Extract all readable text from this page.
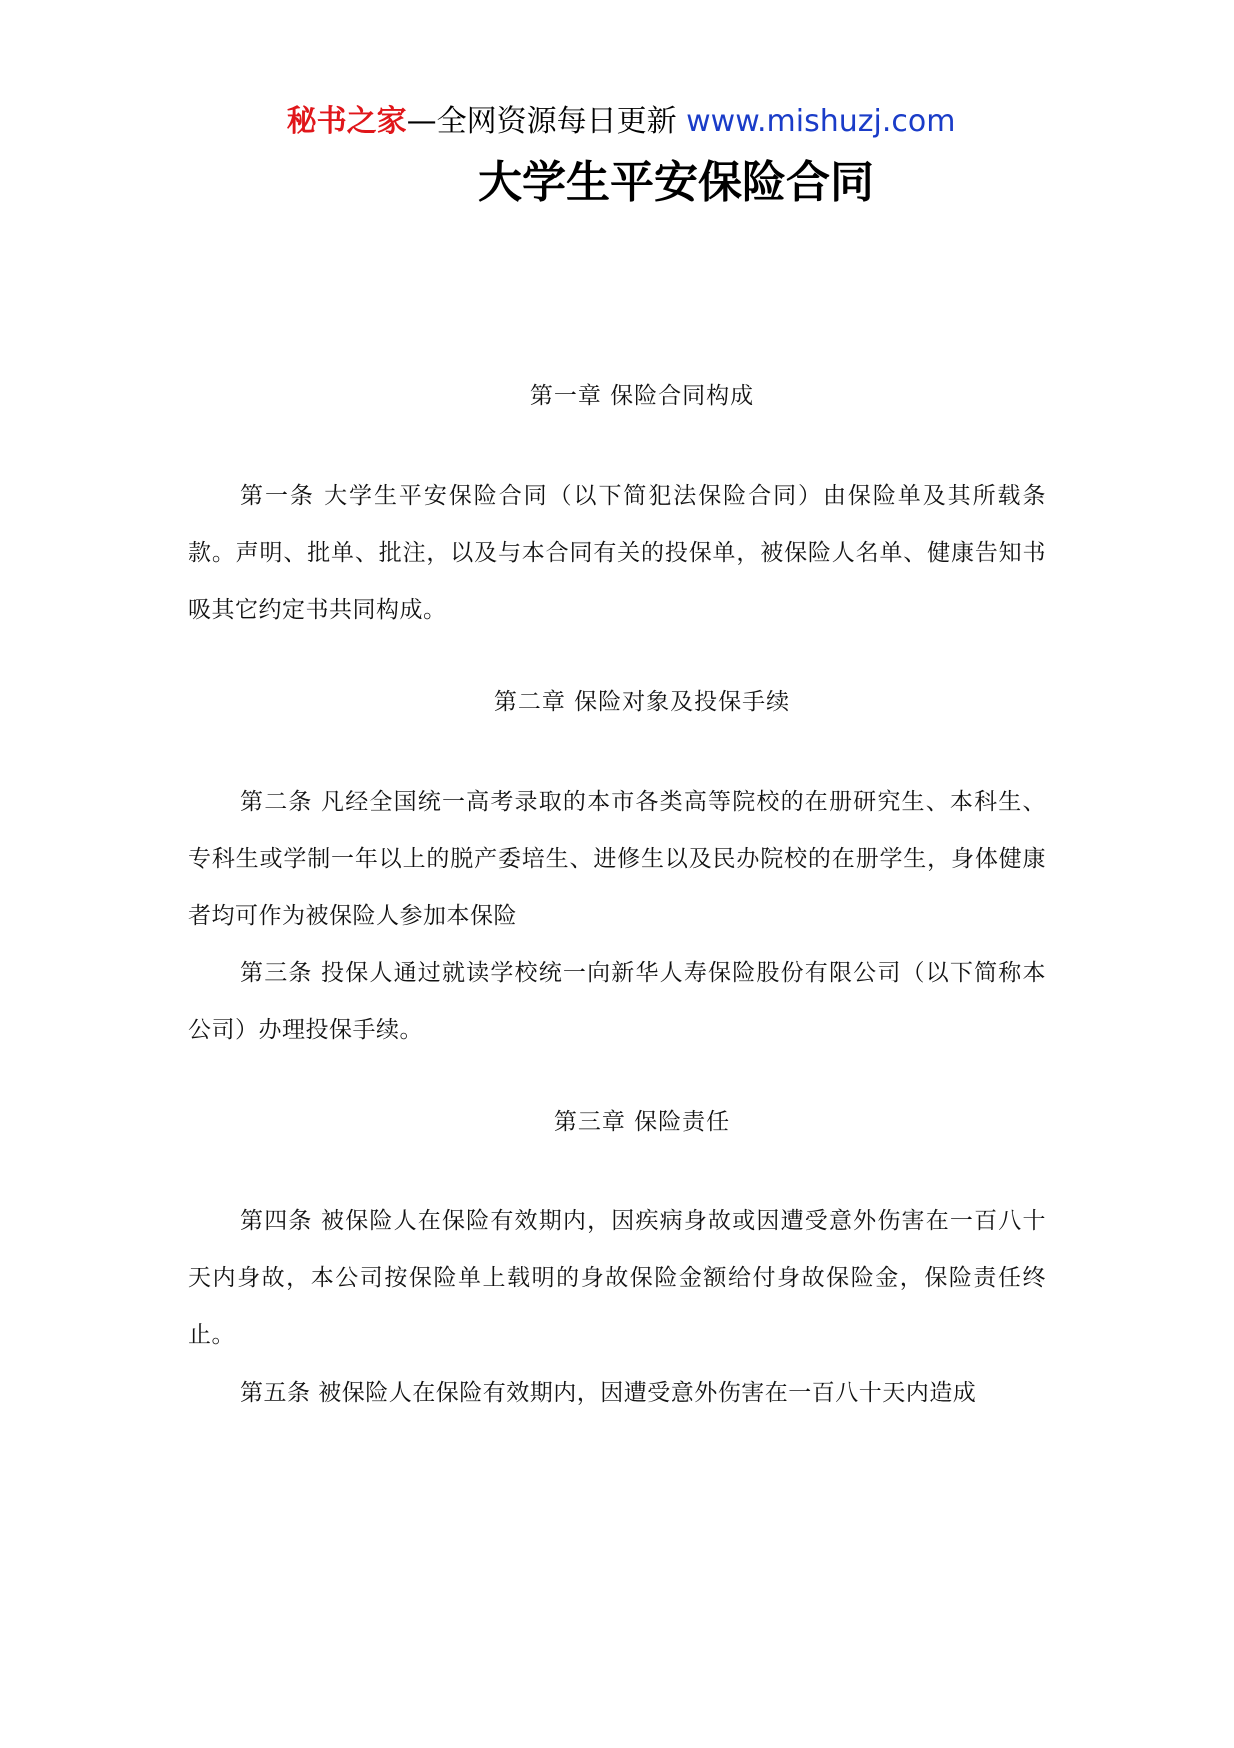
秘书之家—全网资源每日更新 www.mishuzj.com
大学生平安保险合同
第一章 保险合同构成
第一条 大学生平安保险合同（以下简犯法保险合同）由保险单及其所载条款。声明、批单、批注，以及与本合同有关的投保单，被保险人名单、健康告知书吸其它约定书共同构成。
第二章 保险对象及投保手续
第二条 凡经全国统一高考录取的本市各类高等院校的在册研究生、本科生、专科生或学制一年以上的脱产委培生、进修生以及民办院校的在册学生，身体健康者均可作为被保险人参加本保险
第三条 投保人通过就读学校统一向新华人寿保险股份有限公司（以下简称本公司）办理投保手续。
第三章 保险责任
第四条 被保险人在保险有效期内，因疾病身故或因遭受意外伤害在一百八十天内身故，本公司按保险单上载明的身故保险金额给付身故保险金，保险责任终止。
第五条 被保险人在保险有效期内，因遭受意外伤害在一百八十天内造成
